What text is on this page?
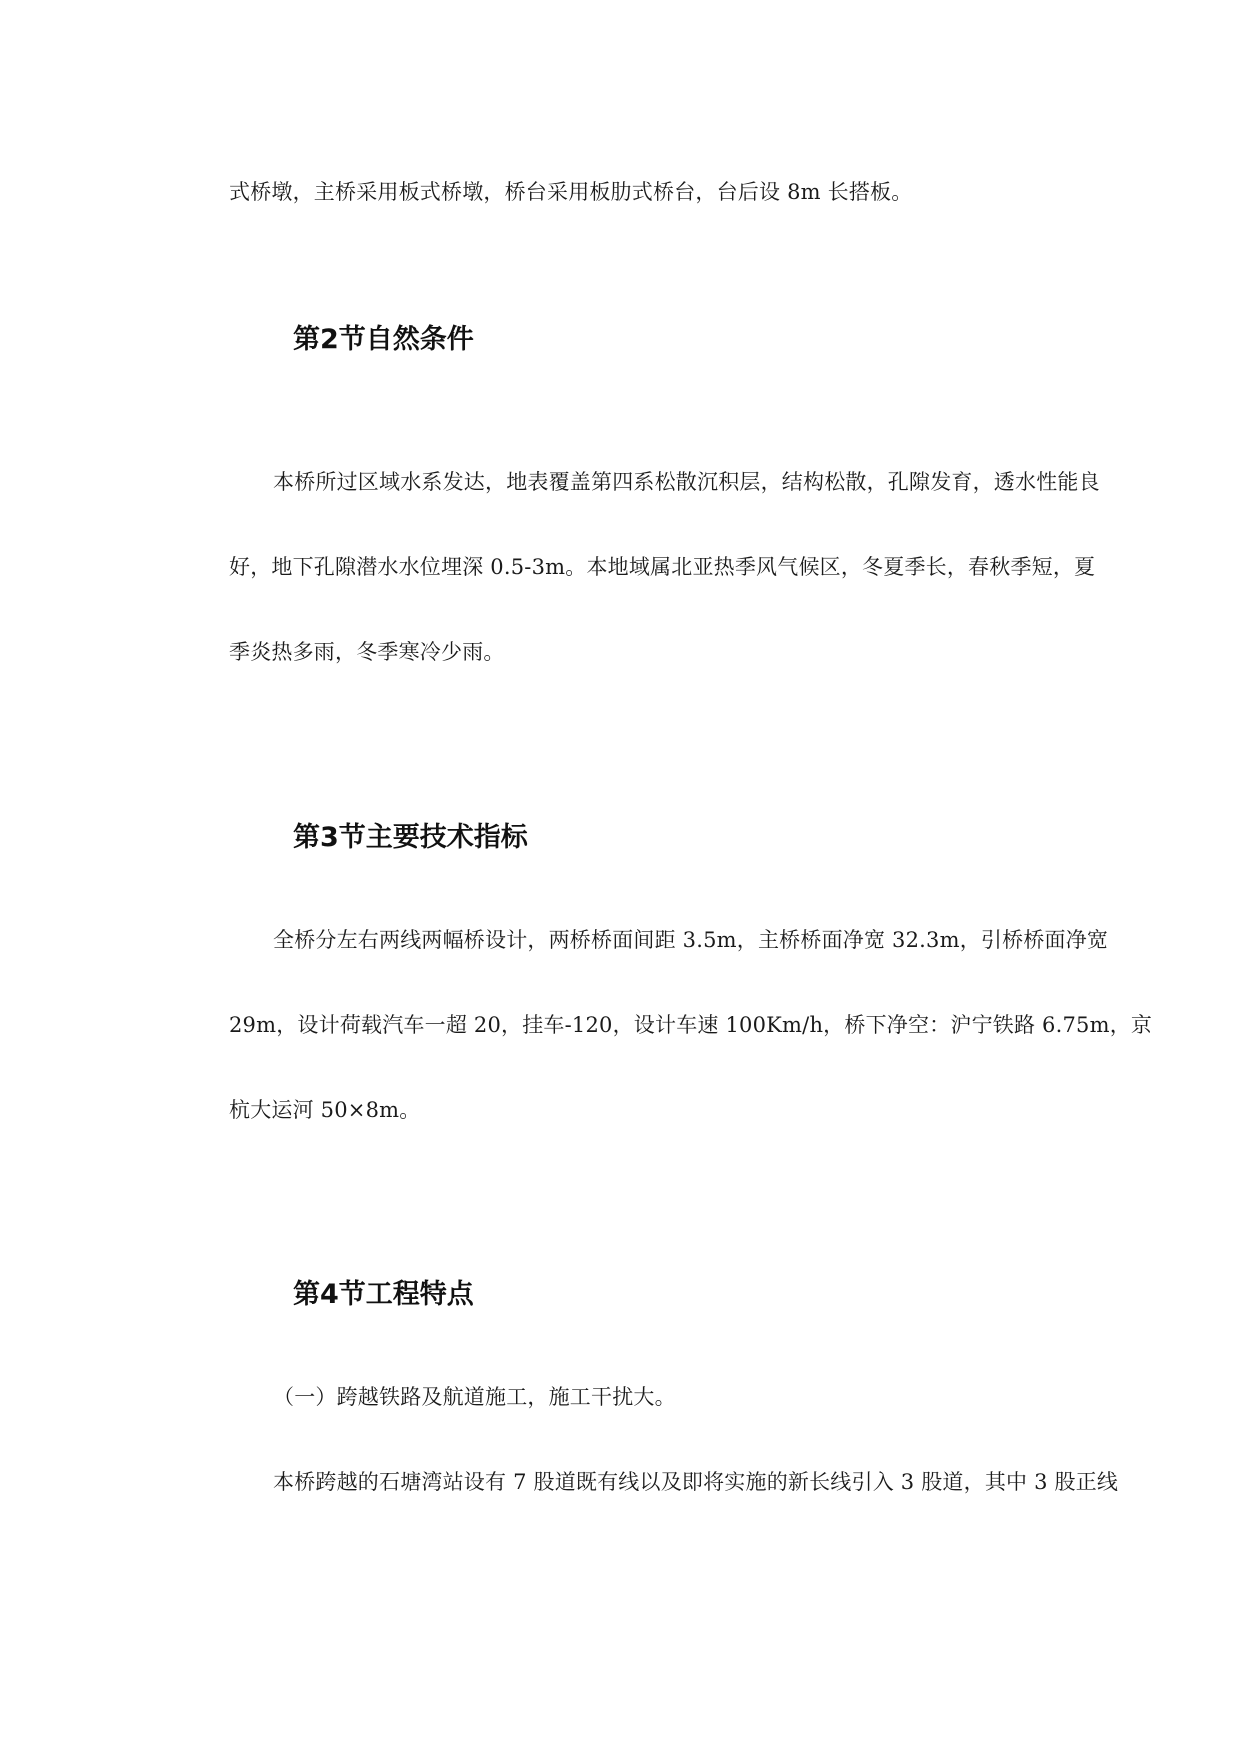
式桥墩，主桥采用板式桥墩，桥台采用板肋式桥台，台后设 8m 长搭板。
第2节自然条件
本桥所过区域水系发达，地表覆盖第四系松散沉积层，结构松散，孔隙发育，透水性能良
好，地下孔隙潜水水位埋深 0.5-3m。本地域属北亚热季风气候区，冬夏季长，春秋季短，夏
季炎热多雨，冬季寒冷少雨。
第3节主要技术指标
全桥分左右两线两幅桥设计，两桥桥面间距 3.5m，主桥桥面净宽 32.3m，引桥桥面净宽
29m，设计荷载汽车一超 20，挂车-120，设计车速 100Km/h，桥下净空：沪宁铁路 6.75m，京
杭大运河 50×8m。
第4节工程特点
（一）跨越铁路及航道施工，施工干扰大。
本桥跨越的石塘湾站设有 7 股道既有线以及即将实施的新长线引入 3 股道，其中 3 股正线
